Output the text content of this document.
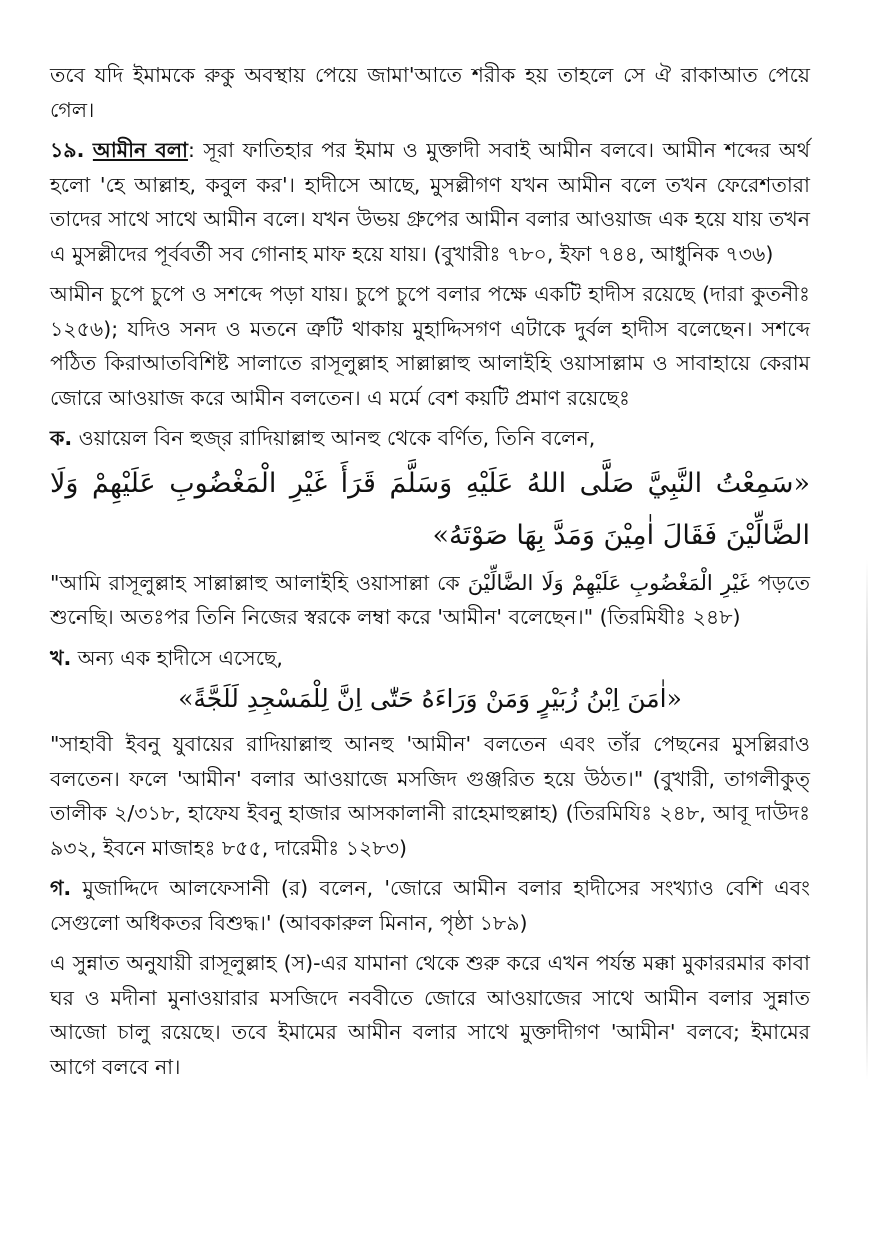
তবে যদি ইমামকে রুকু অবস্থায় পেয়ে জামা'আতে শরীক হয় তাহলে সে ঐ রাকাআত পেয়ে গেল।

১৯. আমীন বলা: সূরা ফাতিহার পর ইমাম ও মুক্তাদী সবাই আমীন বলবে। আমীন শব্দের অর্থ হলো 'হে আল্লাহ, কবুল কর'। হাদীসে আছে, মুসল্লীগণ যখন আমীন বলে তখন ফেরেশতারা তাদের সাথে সাথে আমীন বলে। যখন উভয় গ্রুপের আমীন বলার আওয়াজ এক হয়ে যায় তখন এ মুসল্লীদের পূর্ববর্তী সব গোনাহ মাফ হয়ে যায়। (বুখারীঃ ৭৮০, ইফা ৭৪৪, আধুনিক ৭৩৬)

আমীন চুপে চুপে ও সশব্দে পড়া যায়। চুপে চুপে বলার পক্ষে একটি হাদীস রয়েছে (দারা কুতনীঃ ১২৫৬); যদিও সনদ ও মতনে ত্রুটি থাকায় মুহাদ্দিসগণ এটাকে দুর্বল হাদীস বলেছেন। সশব্দে পঠিত কিরাআতবিশিষ্ট সালাতে রাসূলুল্লাহ সাল্লাল্লাহু আলাইহি ওয়াসাল্লাম ও সাবাহায়ে কেরাম জোরে আওয়াজ করে আমীন বলতেন। এ মর্মে বেশ কয়টি প্রমাণ রয়েছেঃ

ক. ওয়ায়েল বিন হুজ্‌র রাদিয়াল্লাহু আনহু থেকে বর্ণিত, তিনি বলেন,

«سَمِعْتُ النَّبِيَّ صَلَّى اللهُ عَلَيْهِ وَسَلَّمَ قَرَأَ غَيْرِ الْمَغْضُوبِ عَلَيْهِمْ وَلَا الضَّالِّيْنَ فَقَالَ اٰمِيْنَ وَمَدَّ بِهَا صَوْتَهُ»

"আমি রাসূলুল্লাহ সাল্লাল্লাহু আলাইহি ওয়াসাল্লা কে غَيْرِ الْمَغْضُوبِ عَلَيْهِمْ وَلَا الضَّالِّيْنَ পড়তে শুনেছি। অতঃপর তিনি নিজের স্বরকে লম্বা করে 'আমীন' বলেছেন।" (তিরমিযীঃ ২৪৮)

খ. অন্য এক হাদীসে এসেছে,

«اٰمَنَ اِبْنُ زُبَيْرٍ وَمَنْ وَرَاءَهُ حَتّٰى اِنَّ لِلْمَسْجِدِ لَلَجَّةً»

"সাহাবী ইবনু যুবায়ের রাদিয়াল্লাহু আনহু 'আমীন' বলতেন এবং তাঁর পেছনের মুসল্লিরাও বলতেন। ফলে 'আমীন' বলার আওয়াজে মসজিদ গুঞ্জরিত হয়ে উঠত।" (বুখারী, তাগলীকুত্ তালীক ২/৩১৮, হাফেয ইবনু হাজার আসকালানী রাহেমাহুল্লাহ) (তিরমিযিঃ ২৪৮, আবূ দাউদঃ ৯৩২, ইবনে মাজাহঃ ৮৫৫, দারেমীঃ ১২৮৩)

গ. মুজাদ্দিদে আলফেসানী (র) বলেন, 'জোরে আমীন বলার হাদীসের সংখ্যাও বেশি এবং সেগুলো অধিকতর বিশুদ্ধ।' (আবকারুল মিনান, পৃষ্ঠা ১৮৯)

এ সুন্নাত অনুযায়ী রাসূলুল্লাহ (স)-এর যামানা থেকে শুরু করে এখন পর্যন্ত মক্কা মুকাররমার কাবা ঘর ও মদীনা মুনাওয়ারার মসজিদে নববীতে জোরে আওয়াজের সাথে আমীন বলার সুন্নাত আজো চালু রয়েছে। তবে ইমামের আমীন বলার সাথে মুক্তাদীগণ 'আমীন' বলবে; ইমামের আগে বলবে না।
